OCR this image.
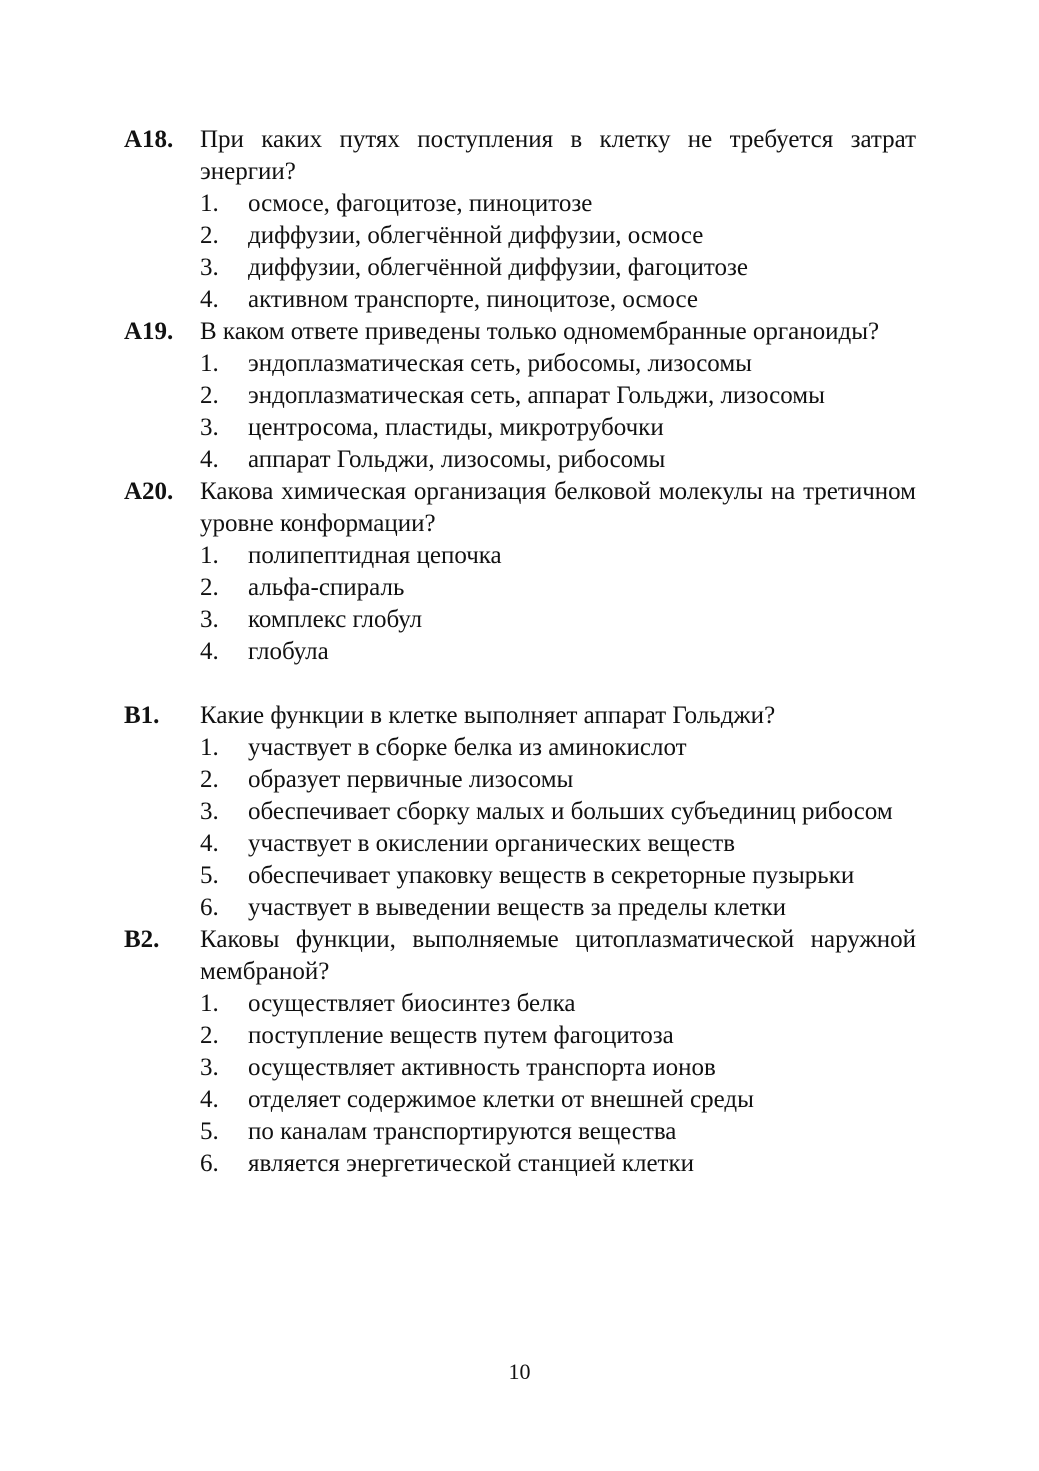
A18. При каких путях поступления в клетку не требуется затрат энергии?
1. осмосе, фагоцитозе, пиноцитозе
2. диффузии, облегчённой диффузии, осмосе
3. диффузии, облегчённой диффузии, фагоцитозе
4. активном транспорте, пиноцитозе, осмосе
A19. В каком ответе приведены только одномембранные органоиды?
1. эндоплазматическая сеть, рибосомы, лизосомы
2. эндоплазматическая сеть, аппарат Гольджи, лизосомы
3. центросома, пластиды, микротрубочки
4. аппарат Гольджи, лизосомы, рибосомы
A20. Какова химическая организация белковой молекулы на третичном уровне конформации?
1. полипептидная цепочка
2. альфа-спираль
3. комплекс глобул
4. глобула
B1. Какие функции в клетке выполняет аппарат Гольджи?
1. участвует в сборке белка из аминокислот
2. образует первичные лизосомы
3. обеспечивает сборку малых и больших субъединиц рибосом
4. участвует в окислении органических веществ
5. обеспечивает упаковку веществ в секреторные пузырьки
6. участвует в выведении веществ за пределы клетки
B2. Каковы функции, выполняемые цитоплазматической наружной мембраной?
1. осуществляет биосинтез белка
2. поступление веществ путем фагоцитоза
3. осуществляет активность транспорта ионов
4. отделяет содержимое клетки от внешней среды
5. по каналам транспортируются вещества
6. является энергетической станцией клетки
10
